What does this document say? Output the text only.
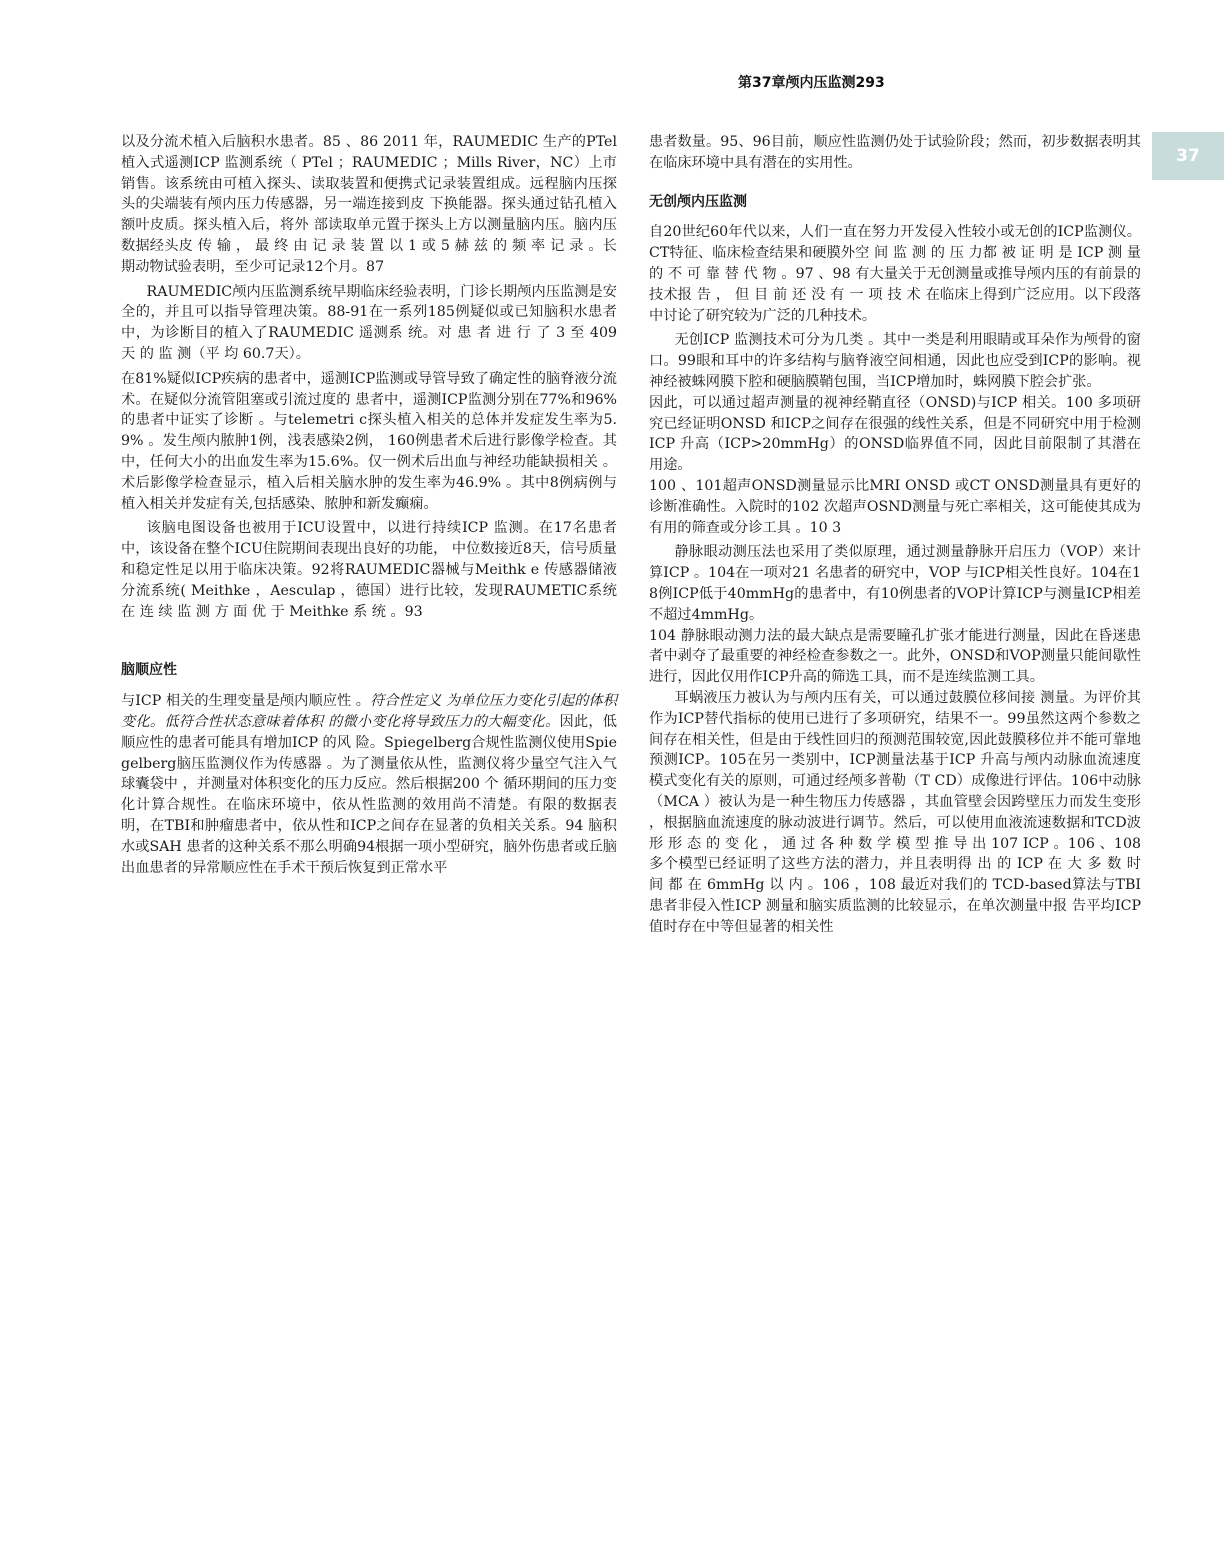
第37章颅内压监测293
37

以及分流术植入后脑积水患者。85 、86 2011 年，RAUMEDIC 生产的PTel 植入式遥测ICP 监测系统（ PTel ；RAUMEDIC ；Mills River，NC）上市销售。该系统由可植入探头、读取装置和便携式记录装置组成。远程脑内压探头的尖端装有颅内压力传感器，另一端连接到皮 下换能器。探头通过钻孔植入额叶皮质。探头植入后，将外 部读取单元置于探头上方以测量脑内压。脑内压数据经头皮 传 输 ， 最 终 由 记 录 装 置 以 1 或 5 赫 兹 的 频 率 记 录 。长期动物试验表明，至少可记录12个月。87

RAUMEDIC颅内压监测系统早期临床经验表明，门诊长期颅内压监测是安全的，并且可以指导管理决策。88-91在一系列185例疑似或已知脑积水患者中，为诊断目的植入了RAUMEDIC 遥测系 统。对 患 者 进 行 了 3 至 409 天 的 监 测（平 均 60.7天）。

在81%疑似ICP疾病的患者中，遥测ICP监测或导管导致了确定性的脑脊液分流术。在疑似分流管阻塞或引流过度的 患者中，遥测ICP监测分别在77%和96%的患者中证实了诊断 。与telemetri c探头植入相关的总体并发症发生率为5.9% 。发生颅内脓肿1例，浅表感染2例， 160例患者术后进行影像学检查。其中，任何大小的出血发生率为15.6%。仅一例术后出血与神经功能缺损相关 。术后影像学检查显示，植入后相关脑水肿的发生率为46.9% 。其中8例病例与植入相关并发症有关,包括感染、脓肿和新发癫痫。

该脑电图设备也被用于ICU设置中，以进行持续ICP 监测。在17名患者中，该设备在整个ICU住院期间表现出良好的功能， 中位数接近8天，信号质量和稳定性足以用于临床决策。92将RAUMEDIC器械与Meithk e 传感器储液分流系统( Meithke ，Aesculap ，德国）进行比较，发现RAUMETIC系统在 连 续 监 测 方 面 优 于 Meithke 系 统 。93

脑顺应性

与ICP 相关的生理变量是颅内顺应性 。符合性定义 为单位压力变化引起的体积变化。低符合性状态意味着体积 的微小变化将导致压力的大幅变化。因此，低顺应性的患者可能具有增加ICP 的风 险。Spiegelberg合规性监测仪使用Spiegelberg脑压监测仪作为传感器 。为了测量依从性，监测仪将少量空气注入气球囊袋中 ，并测量对体积变化的压力反应。然后根据200 个 循环期间的压力变化计算合规性。在临床环境中，依从性监测的效用尚不清楚。有限的数据表明，在TBI和肿瘤患者中，依从性和ICP之间存在显著的负相关关系。94 脑积水或SAH 患者的这种关系不那么明确94根据一项小型研究，脑外伤患者或丘脑出血患者的异常顺应性在手术干预后恢复到正常水平

患者数量。95、96目前，顺应性监测仍处于试验阶段；然而，初步数据表明其在临床环境中具有潜在的实用性。

无创颅内压监测

自20世纪60年代以来，人们一直在努力开发侵入性较小或无创的ICP监测仪。CT特征、临床检查结果和硬膜外空 间 监 测 的 压 力都 被 证 明 是 ICP 测 量 的 不 可 靠 替 代 物 。97 、98 有大量关于无创测量或推导颅内压的有前景的技术报 告 ， 但 目 前 还 没 有 一 项 技 术 在临床上得到广泛应用。以下段落中讨论了研究较为广泛的几种技术。

无创ICP 监测技术可分为几类 。其中一类是利用眼睛或耳朵作为颅骨的窗口。99眼和耳中的许多结构与脑脊液空间相通，因此也应受到ICP的影响。视神经被蛛网膜下腔和硬脑膜鞘包围，当ICP增加时，蛛网膜下腔会扩张。

因此，可以通过超声测量的视神经鞘直径（ONSD)与ICP 相关。100 多项研究已经证明ONSD 和ICP之间存在很强的线性关系，但是不同研究中用于检测ICP 升高（ICP>20mmHg）的ONSD临界值不同，因此目前限制了其潜在用途。

100 、101超声ONSD测量显示比MRI ONSD 或CT ONSD测量具有更好的诊断准确性。入院时的102 次超声OSND测量与死亡率相关，这可能使其成为有用的筛查或分诊工具 。10 3

静脉眼动测压法也采用了类似原理，通过测量静脉开启压力（VOP）来计算ICP 。104在一项对21 名患者的研究中，VOP 与ICP相关性良好。104在18例ICP低于40mmHg的患者中，有10例患者的VOP计算ICP与测量ICP相差不超过4mmHg。

104 静脉眼动测力法的最大缺点是需要瞳孔扩张才能进行测量，因此在昏迷患者中剥夺了最重要的神经检查参数之一。此外，ONSD和VOP测量只能间歇性进行，因此仅用作ICP升高的筛选工具，而不是连续监测工具。

耳蜗液压力被认为与颅内压有关，可以通过鼓膜位移间接 测量。为评价其作为ICP替代指标的使用已进行了多项研究，结果不一。99虽然这两个参数之间存在相关性，但是由于线性回归的预测范围较宽,因此鼓膜移位并不能可靠地预测ICP。105在另一类别中，ICP测量法基于ICP 升高与颅内动脉血流速度模式变化有关的原则，可通过经颅多普勒（T CD）成像进行评估。106中动脉（MCA ）被认为是一种生物压力传感器 ，其血管壁会因跨壁压力而发生变形 ，根据脑血流速度的脉动波进行调节。然后，可以使用血液流速数据和TCD波 形 形 态 的 变 化 ， 通 过 各 种 数 学 模 型 推 导 出 107 ICP 。106 、108 多个模型已经证明了这些方法的潜力，并且表明得 出 的 ICP 在 大 多 数 时 间 都 在 6mmHg 以 内 。106 ，108 最近对我们的 TCD-based算法与TBI患者非侵入性ICP 测量和脑实质监测的比较显示，在单次测量中报 告平均ICP 值时存在中等但显著的相关性
